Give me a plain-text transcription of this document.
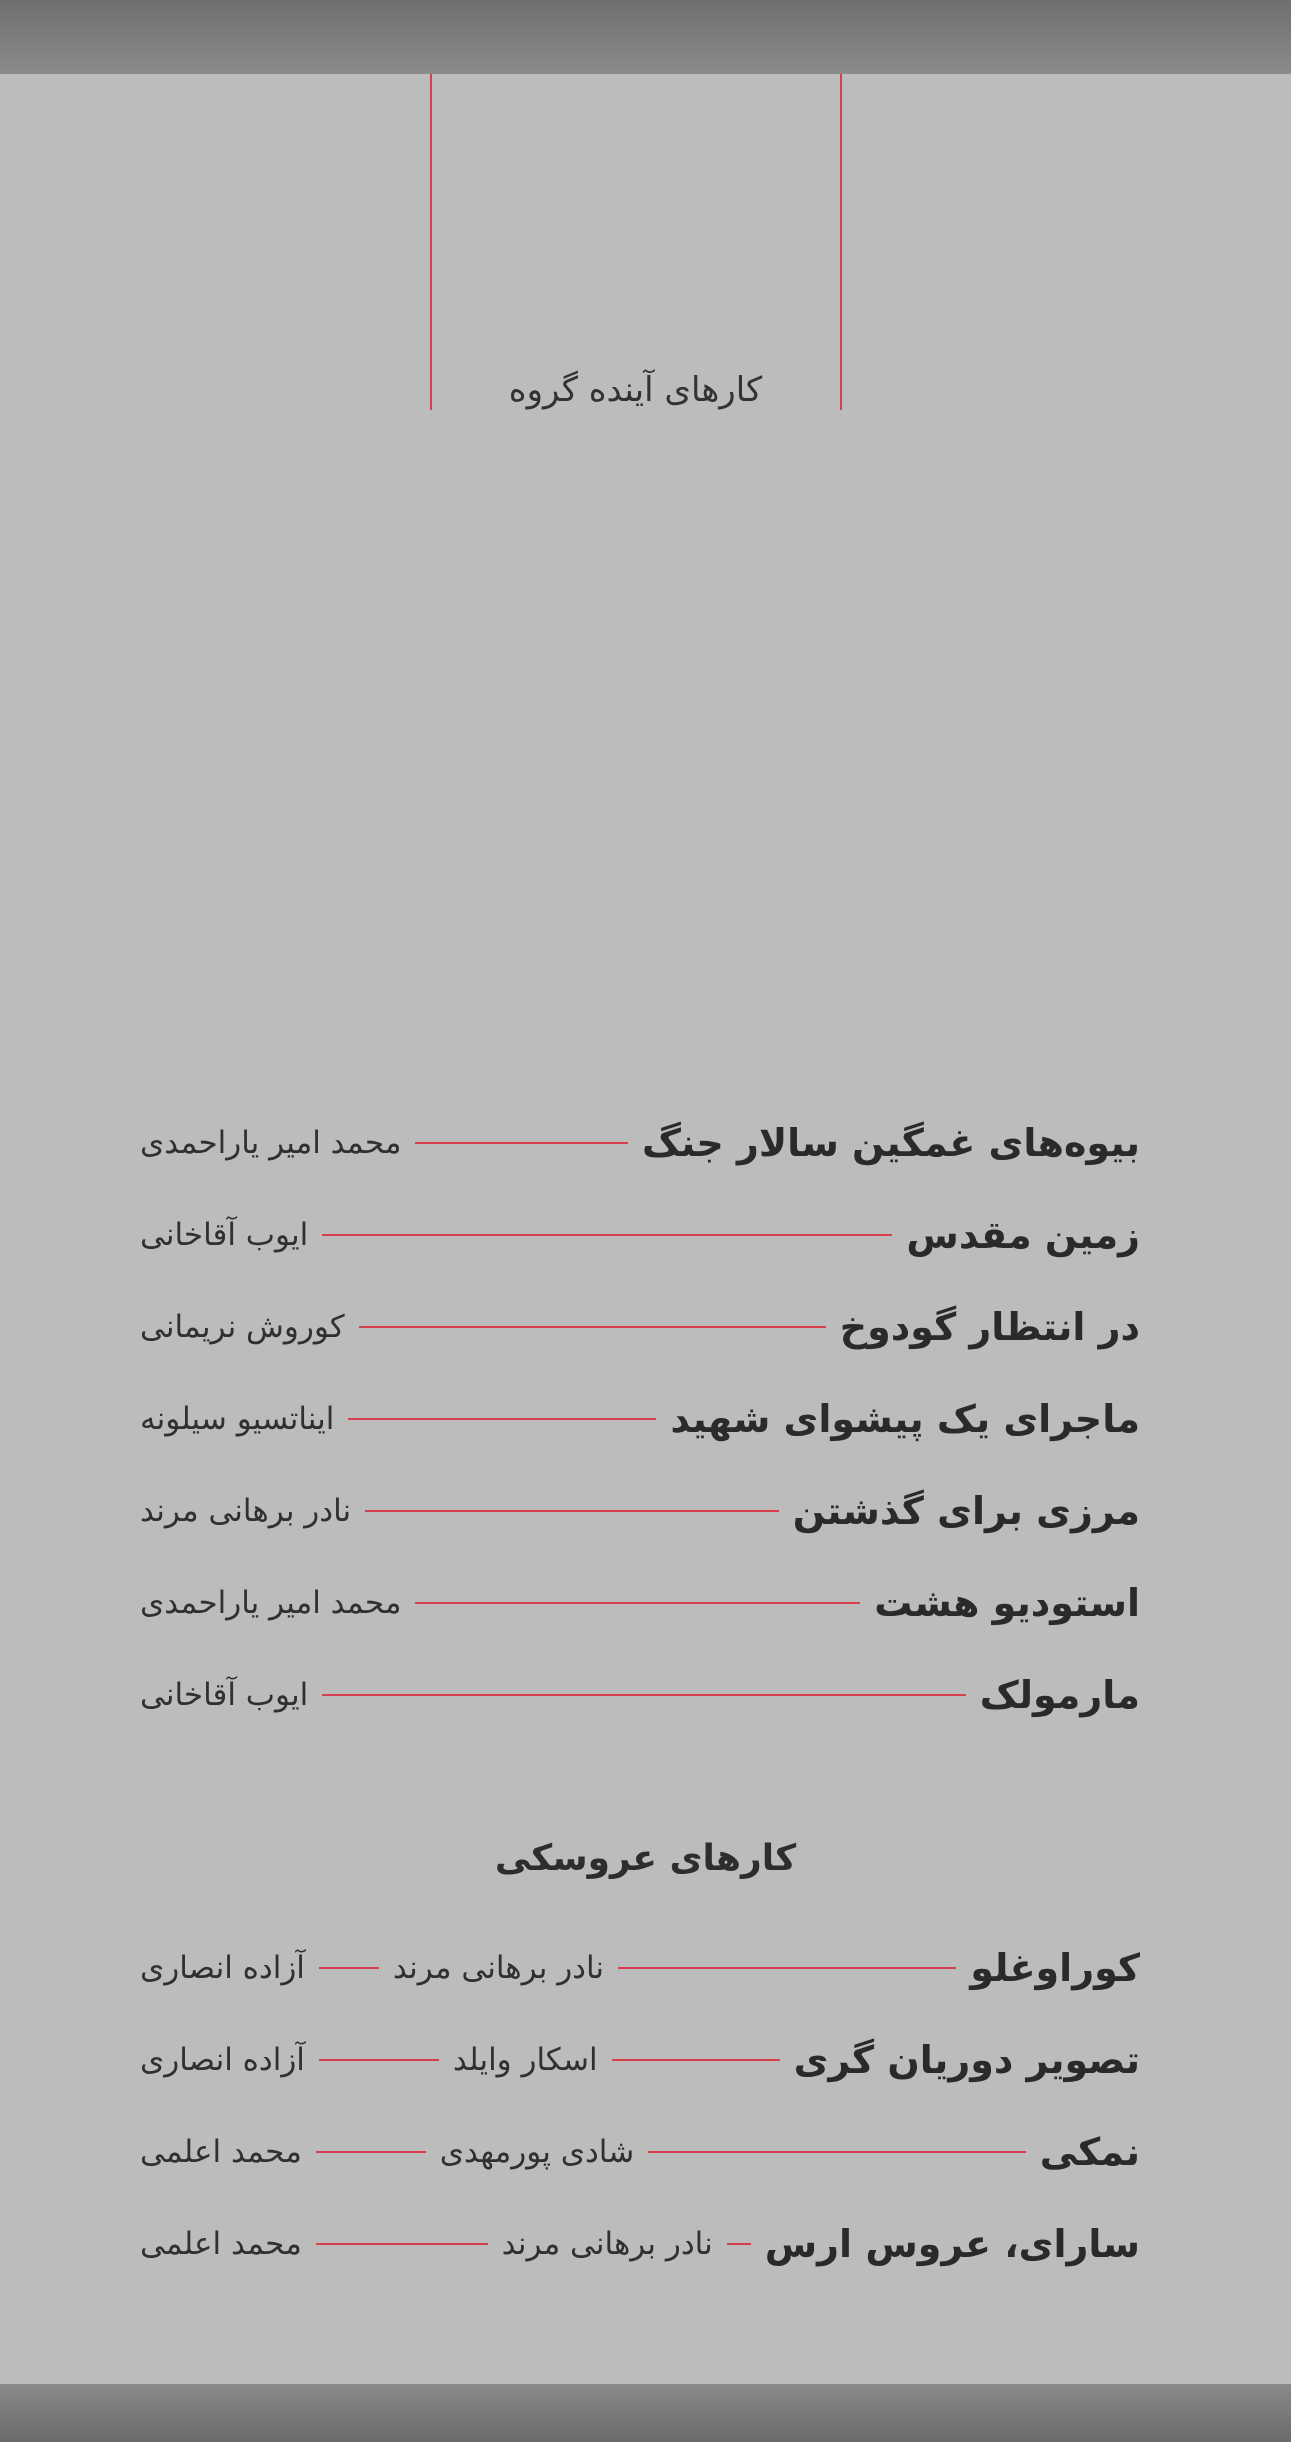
کارهای آینده گروه
بیوه‌های غمگین سالار جنگ
محمد امیر یاراحمدی
زمین مقدس
ایوب آقاخانی
در انتظار گودوخ
کوروش نریمانی
ماجرای یک پیشوای شهید
ایناتسیو سیلونه
مرزی برای گذشتن
نادر برهانی مرند
استودیو هشت
محمد امیر یاراحمدی
مارمولک
ایوب آقاخانی
کارهای عروسکی
کوراوغلو
نادر برهانی مرند
آزاده انصاری
تصویر دوریان گری
اسکار وایلد
آزاده انصاری
نمکی
شادی پورمهدی
محمد اعلمی
سارای، عروس ارس
نادر برهانی مرند
محمد اعلمی
